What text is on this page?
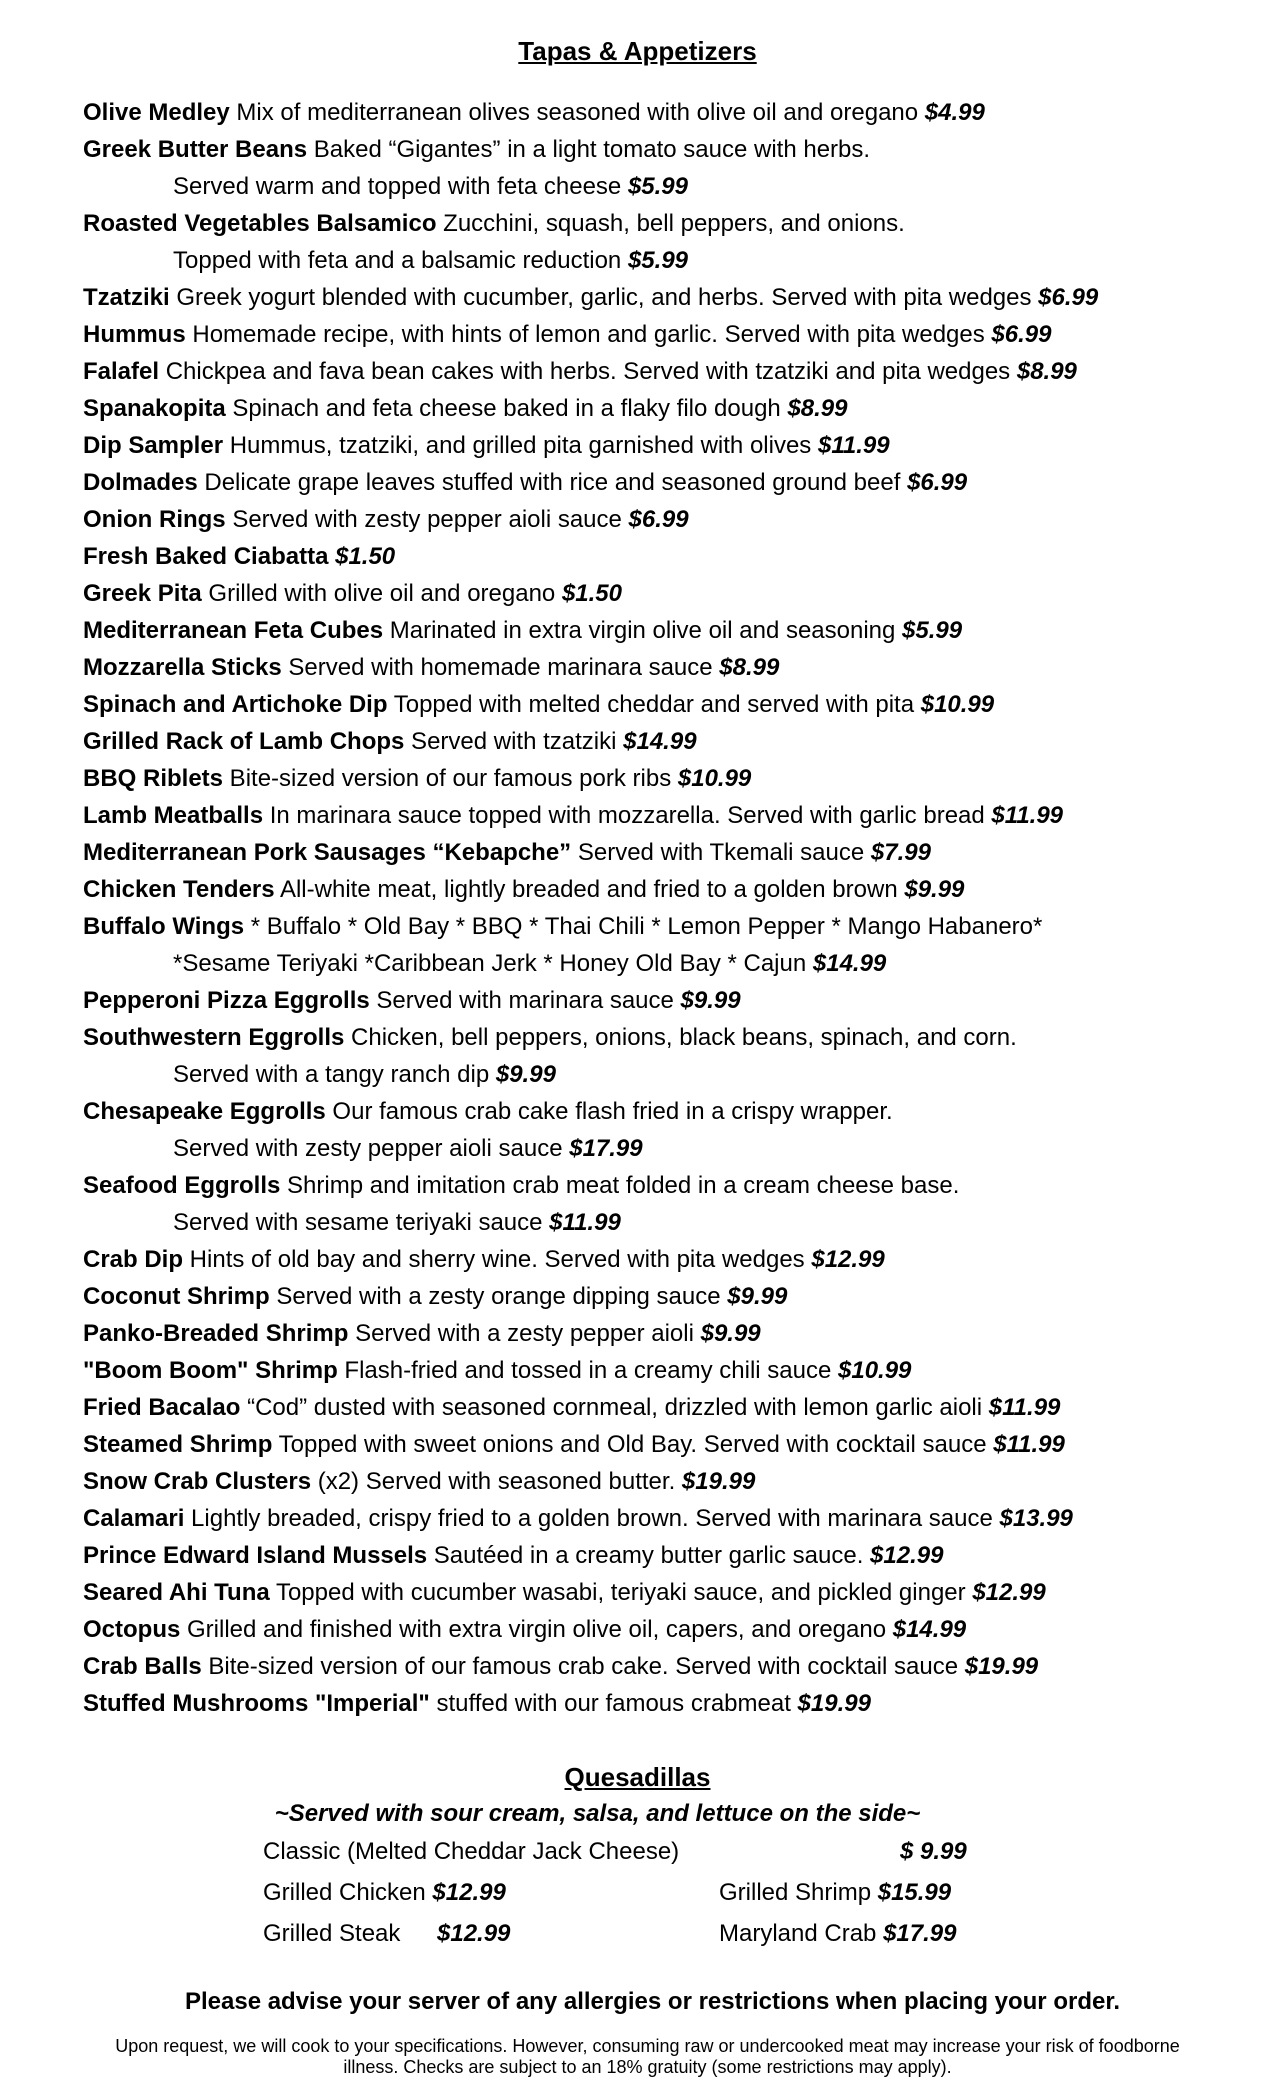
Tapas & Appetizers
Olive Medley Mix of mediterranean olives seasoned with olive oil and oregano $4.99
Greek Butter Beans Baked “Gigantes” in a light tomato sauce with herbs.
Served warm and topped with feta cheese $5.99
Roasted Vegetables Balsamico Zucchini, squash, bell peppers, and onions.
Topped with feta and a balsamic reduction $5.99
Tzatziki Greek yogurt blended with cucumber, garlic, and herbs. Served with pita wedges $6.99
Hummus Homemade recipe, with hints of lemon and garlic. Served with pita wedges $6.99
Falafel Chickpea and fava bean cakes with herbs. Served with tzatziki and pita wedges $8.99
Spanakopita Spinach and feta cheese baked in a flaky filo dough $8.99
Dip Sampler Hummus, tzatziki, and grilled pita garnished with olives $11.99
Dolmades Delicate grape leaves stuffed with rice and seasoned ground beef $6.99
Onion Rings Served with zesty pepper aioli sauce $6.99
Fresh Baked Ciabatta $1.50
Greek Pita Grilled with olive oil and oregano $1.50
Mediterranean Feta Cubes Marinated in extra virgin olive oil and seasoning $5.99
Mozzarella Sticks Served with homemade marinara sauce $8.99
Spinach and Artichoke Dip Topped with melted cheddar and served with pita $10.99
Grilled Rack of Lamb Chops Served with tzatziki $14.99
BBQ Riblets Bite-sized version of our famous pork ribs $10.99
Lamb Meatballs In marinara sauce topped with mozzarella. Served with garlic bread $11.99
Mediterranean Pork Sausages “Kebapche” Served with Tkemali sauce $7.99
Chicken Tenders All-white meat, lightly breaded and fried to a golden brown $9.99
Buffalo Wings * Buffalo * Old Bay * BBQ * Thai Chili * Lemon Pepper * Mango Habanero*
*Sesame Teriyaki *Caribbean Jerk * Honey Old Bay * Cajun $14.99
Pepperoni Pizza Eggrolls Served with marinara sauce $9.99
Southwestern Eggrolls Chicken, bell peppers, onions, black beans, spinach, and corn.
Served with a tangy ranch dip $9.99
Chesapeake Eggrolls Our famous crab cake flash fried in a crispy wrapper.
Served with zesty pepper aioli sauce $17.99
Seafood Eggrolls Shrimp and imitation crab meat folded in a cream cheese base.
Served with sesame teriyaki sauce $11.99
Crab Dip Hints of old bay and sherry wine. Served with pita wedges $12.99
Coconut Shrimp Served with a zesty orange dipping sauce $9.99
Panko-Breaded Shrimp Served with a zesty pepper aioli $9.99
"Boom Boom" Shrimp Flash-fried and tossed in a creamy chili sauce $10.99
Fried Bacalao “Cod” dusted with seasoned cornmeal, drizzled with lemon garlic aioli $11.99
Steamed Shrimp Topped with sweet onions and Old Bay. Served with cocktail sauce $11.99
Snow Crab Clusters (x2) Served with seasoned butter. $19.99
Calamari Lightly breaded, crispy fried to a golden brown. Served with marinara sauce $13.99
Prince Edward Island Mussels Sautéed in a creamy butter garlic sauce. $12.99
Seared Ahi Tuna Topped with cucumber wasabi, teriyaki sauce, and pickled ginger $12.99
Octopus Grilled and finished with extra virgin olive oil, capers, and oregano $14.99
Crab Balls Bite-sized version of our famous crab cake. Served with cocktail sauce $19.99
Stuffed Mushrooms "Imperial" stuffed with our famous crabmeat $19.99
Quesadillas
~Served with sour cream, salsa, and lettuce on the side~
Classic (Melted Cheddar Jack Cheese)	$ 9.99
Grilled Chicken $12.99	Grilled Shrimp $15.99
Grilled Steak$12.99	Maryland Crab $17.99
Please advise your server of any allergies or restrictions when placing your order.
Upon request, we will cook to your specifications. However, consuming raw or undercooked meat may increase your risk of foodborne illness. Checks are subject to an 18% gratuity (some restrictions may apply).
